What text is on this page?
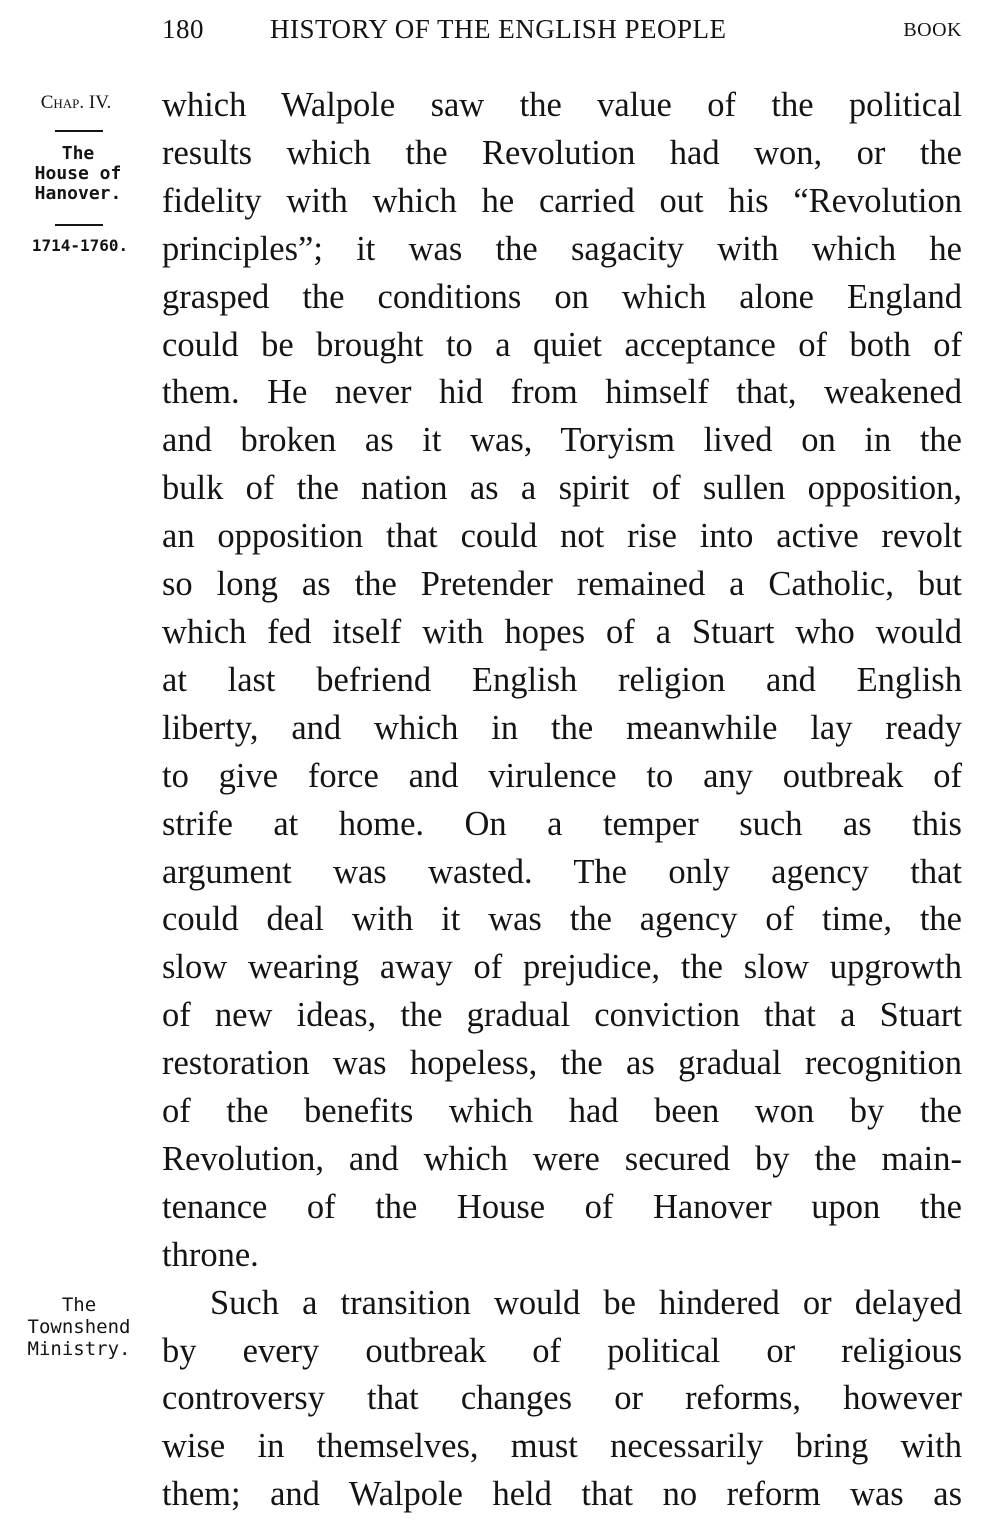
180 HISTORY OF THE ENGLISH PEOPLE	BOOK
Chap. IV.
The
House of
Hanover.
1714-1760.
The
Townshend
Ministry.
which Walpole saw the value of the political
results which the Revolution had won, or the
fidelity with which he carried out his “Revolution
principles”; it was the sagacity with which he
grasped the conditions on which alone England
could be brought to a quiet acceptance of both of
them. He never hid from himself that, weakened
and broken as it was, Toryism lived on in the
bulk of the nation as a spirit of sullen opposition,
an opposition that could not rise into active revolt
so long as the Pretender remained a Catholic, but
which fed itself with hopes of a Stuart who would
at last befriend English religion and English
liberty, and which in the meanwhile lay ready
to give force and virulence to any outbreak of
strife at home. On a temper such as this
argument was wasted. The only agency that
could deal with it was the agency of time, the
slow wearing away of prejudice, the slow upgrowth
of new ideas, the gradual conviction that a Stuart
restoration was hopeless, the as gradual recognition
of the benefits which had been won by the
Revolution, and which were secured by the main-
tenance of the House of Hanover upon the
throne.
Such a transition would be hindered or delayed
by every outbreak of political or religious
controversy that changes or reforms, however
wise in themselves, must necessarily bring with
them; and Walpole held that no reform was as
